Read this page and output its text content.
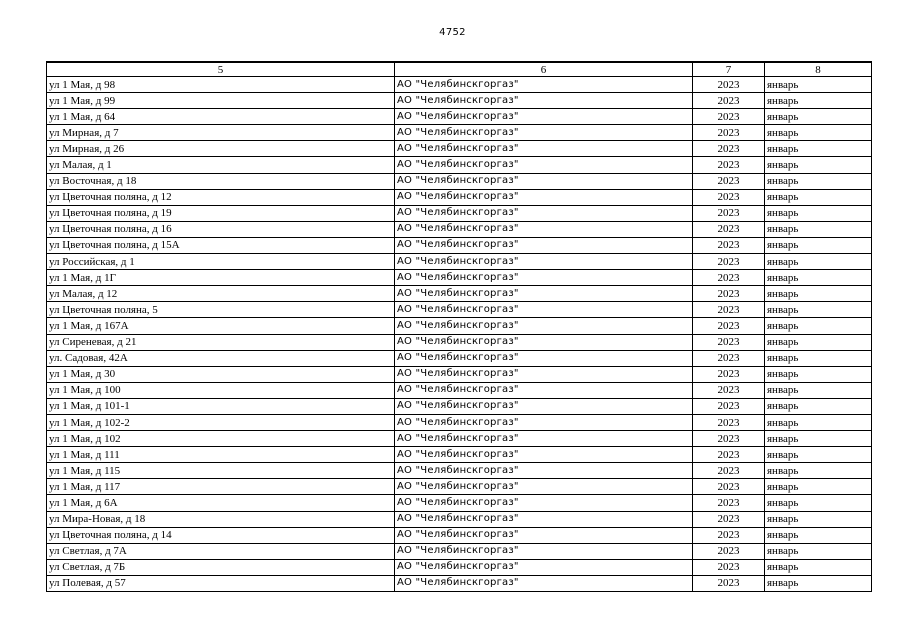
4752
5	6	7	8
ул 1 Мая, д 98	АО "Челябинскгоргаз"	2023	январь
ул 1 Мая, д 99	АО "Челябинскгоргаз"	2023	январь
ул 1 Мая, д 64	АО "Челябинскгоргаз"	2023	январь
ул Мирная, д 7	АО "Челябинскгоргаз"	2023	январь
ул Мирная, д 26	АО "Челябинскгоргаз"	2023	январь
ул Малая, д 1	АО "Челябинскгоргаз"	2023	январь
ул Восточная, д 18	АО "Челябинскгоргаз"	2023	январь
ул Цветочная поляна, д 12	АО "Челябинскгоргаз"	2023	январь
ул Цветочная поляна, д 19	АО "Челябинскгоргаз"	2023	январь
ул Цветочная поляна, д 16	АО "Челябинскгоргаз"	2023	январь
ул Цветочная поляна, д 15А	АО "Челябинскгоргаз"	2023	январь
ул Российская, д 1	АО "Челябинскгоргаз"	2023	январь
ул 1 Мая, д 1Г	АО "Челябинскгоргаз"	2023	январь
ул Малая, д 12	АО "Челябинскгоргаз"	2023	январь
ул Цветочная поляна, 5	АО "Челябинскгоргаз"	2023	январь
ул 1 Мая, д 167А	АО "Челябинскгоргаз"	2023	январь
ул Сиреневая, д 21	АО "Челябинскгоргаз"	2023	январь
ул. Садовая, 42А	АО "Челябинскгоргаз"	2023	январь
ул 1 Мая, д 30	АО "Челябинскгоргаз"	2023	январь
ул 1 Мая, д 100	АО "Челябинскгоргаз"	2023	январь
ул 1 Мая, д 101-1	АО "Челябинскгоргаз"	2023	январь
ул 1 Мая, д 102-2	АО "Челябинскгоргаз"	2023	январь
ул 1 Мая, д 102	АО "Челябинскгоргаз"	2023	январь
ул 1 Мая, д 111	АО "Челябинскгоргаз"	2023	январь
ул 1 Мая, д 115	АО "Челябинскгоргаз"	2023	январь
ул 1 Мая, д 117	АО "Челябинскгоргаз"	2023	январь
ул 1 Мая, д 6А	АО "Челябинскгоргаз"	2023	январь
ул Мира-Новая, д 18	АО "Челябинскгоргаз"	2023	январь
ул Цветочная поляна, д 14	АО "Челябинскгоргаз"	2023	январь
ул Светлая, д 7А	АО "Челябинскгоргаз"	2023	январь
ул Светлая, д 7Б	АО "Челябинскгоргаз"	2023	январь
ул Полевая, д 57	АО "Челябинскгоргаз"	2023	январь
